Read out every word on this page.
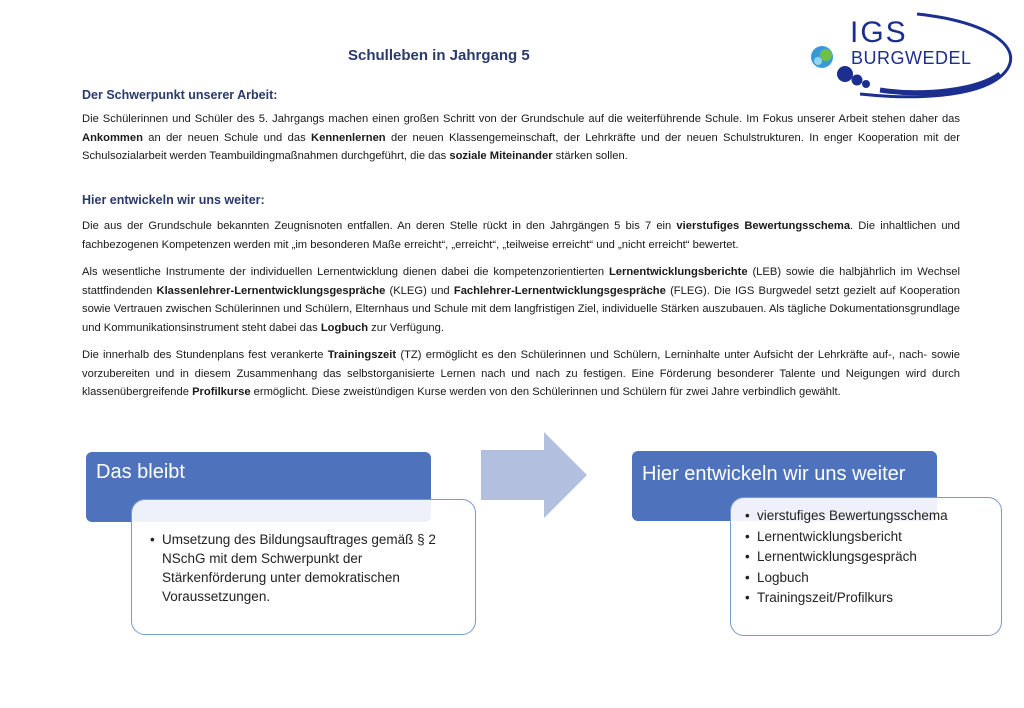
Schulleben in Jahrgang 5
IGS
BURGWEDEL
Der Schwerpunkt unserer Arbeit:
Die Schülerinnen und Schüler des 5. Jahrgangs machen einen großen Schritt von der Grundschule auf die weiterführende Schule. Im Fokus unserer Arbeit stehen daher das Ankommen an der neuen Schule und das Kennenlernen der neuen Klassengemeinschaft, der Lehrkräfte und der neuen Schulstrukturen. In enger Kooperation mit der Schulsozialarbeit werden Teambuildingmaßnahmen durchgeführt, die das soziale Miteinander stärken sollen.
Hier entwickeln wir uns weiter:
Die aus der Grundschule bekannten Zeugnisnoten entfallen. An deren Stelle rückt in den Jahrgängen 5 bis 7 ein vierstufiges Bewertungsschema. Die inhaltlichen und fachbezogenen Kompetenzen werden mit „im besonderen Maße erreicht“, „erreicht“, „teilweise erreicht“ und „nicht erreicht“ bewertet.
Als wesentliche Instrumente der individuellen Lernentwicklung dienen dabei die kompetenzorientierten Lernentwicklungsberichte (LEB) sowie die halbjährlich im Wechsel stattfindenden Klassenlehrer-Lernentwicklungsgespräche (KLEG) und Fachlehrer-Lernentwicklungsgespräche (FLEG). Die IGS Burgwedel setzt gezielt auf Kooperation sowie Vertrauen zwischen Schülerinnen und Schülern, Elternhaus und Schule mit dem langfristigen Ziel, individuelle Stärken auszubauen. Als tägliche Dokumentationsgrundlage und Kommunikationsinstrument steht dabei das Logbuch zur Verfügung.
Die innerhalb des Stundenplans fest verankerte Trainingszeit (TZ) ermöglicht es den Schülerinnen und Schülern, Lerninhalte unter Aufsicht der Lehrkräfte auf-, nach- sowie vorzubereiten und in diesem Zusammenhang das selbstorganisierte Lernen nach und nach zu festigen. Eine Förderung besonderer Talente und Neigungen wird durch klassenübergreifende Profilkurse ermöglicht. Diese zweistündigen Kurse werden von den Schülerinnen und Schülern für zwei Jahre verbindlich gewählt.
Das bleibt
• Umsetzung des Bildungsauftrages gemäß § 2 NSchG mit dem Schwerpunkt der Stärkenförderung unter demokratischen Voraussetzungen.
Hier entwickeln wir uns weiter
• vierstufiges Bewertungsschema
• Lernentwicklungsbericht
• Lernentwicklungsgespräch
• Logbuch
• Trainingszeit/Profilkurs
